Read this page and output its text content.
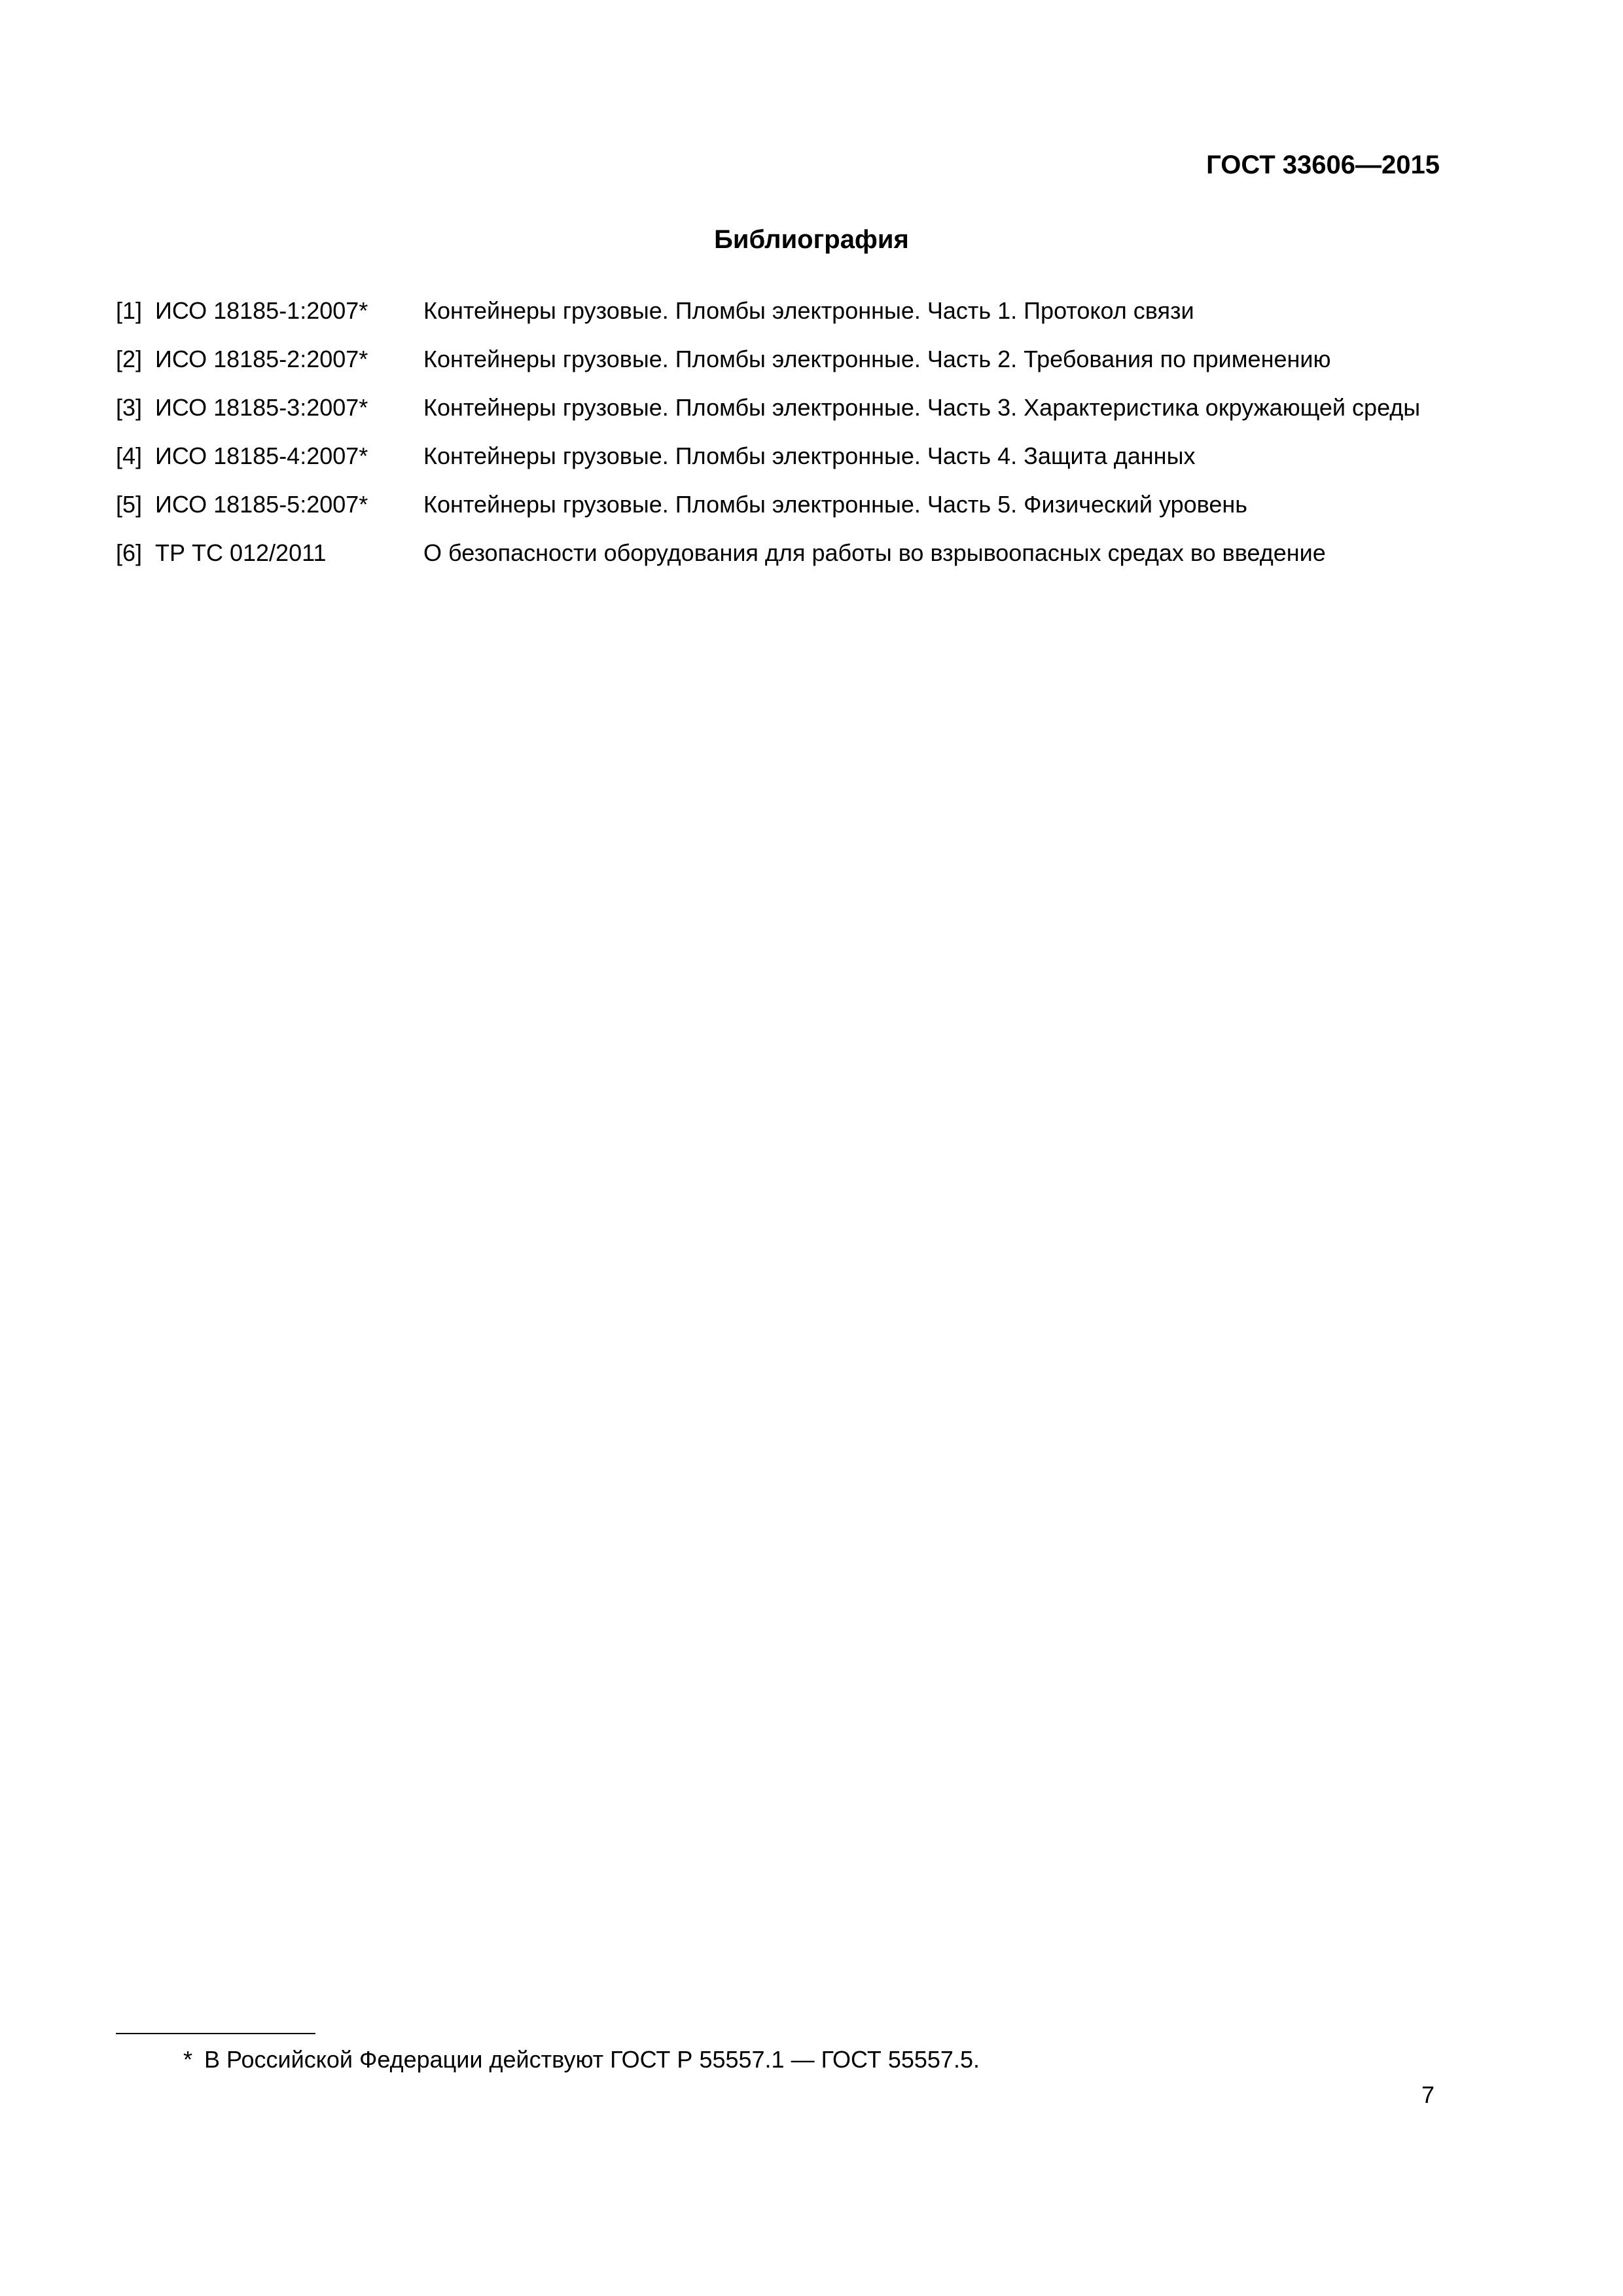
ГОСТ 33606—2015
Библиография
[1] ИСО 18185-1:2007*	Контейнеры грузовые. Пломбы электронные. Часть 1. Протокол связи
[2] ИСО 18185-2:2007*	Контейнеры грузовые. Пломбы электронные. Часть 2. Требования по применению
[3] ИСО 18185-3:2007*	Контейнеры грузовые. Пломбы электронные. Часть 3. Характеристика окружающей среды
[4] ИСО 18185-4:2007*	Контейнеры грузовые. Пломбы электронные. Часть 4. Защита данных
[5] ИСО 18185-5:2007*	Контейнеры грузовые. Пломбы электронные. Часть 5. Физический уровень
[6] ТР ТС 012/2011	О безопасности оборудования для работы во взрывоопасных средах во введение
* В Российской Федерации действуют ГОСТ Р 55557.1 — ГОСТ 55557.5.
7
